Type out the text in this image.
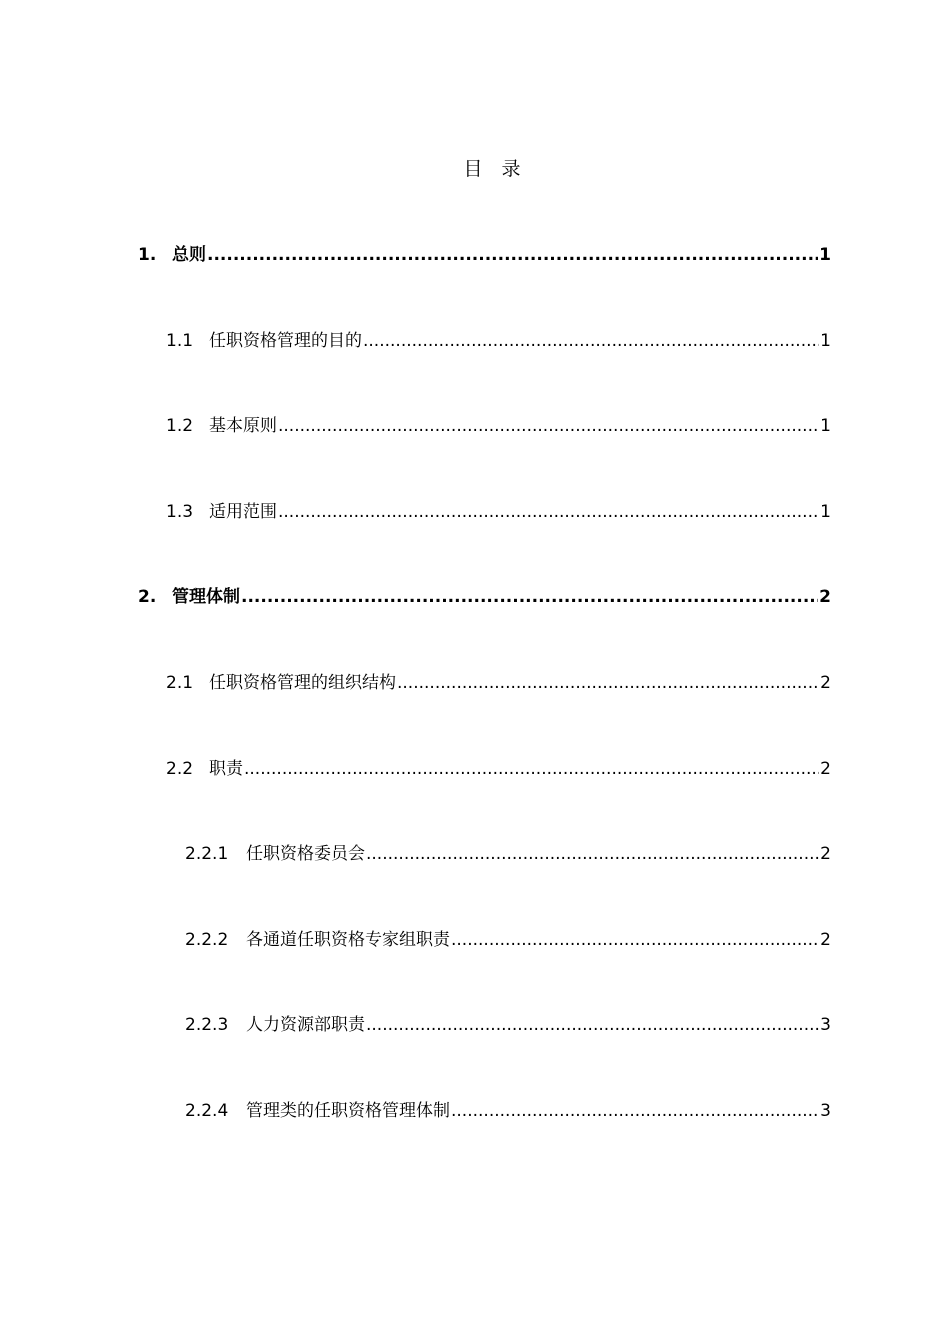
目　录
1. 总则 .....	1
1.1 任职资格管理的目的 .....	1
1.2 基本原则 .....	1
1.3 适用范围 .....	1
2. 管理体制 .....	2
2.1 任职资格管理的组织结构 .....	2
2.2 职责 .....	2
2.2.1	任职资格委员会 .....	2
2.2.2	各通道任职资格专家组职责 .....	2
2.2.3	人力资源部职责 .....	3
2.2.4	管理类的任职资格管理体制 .....	3
